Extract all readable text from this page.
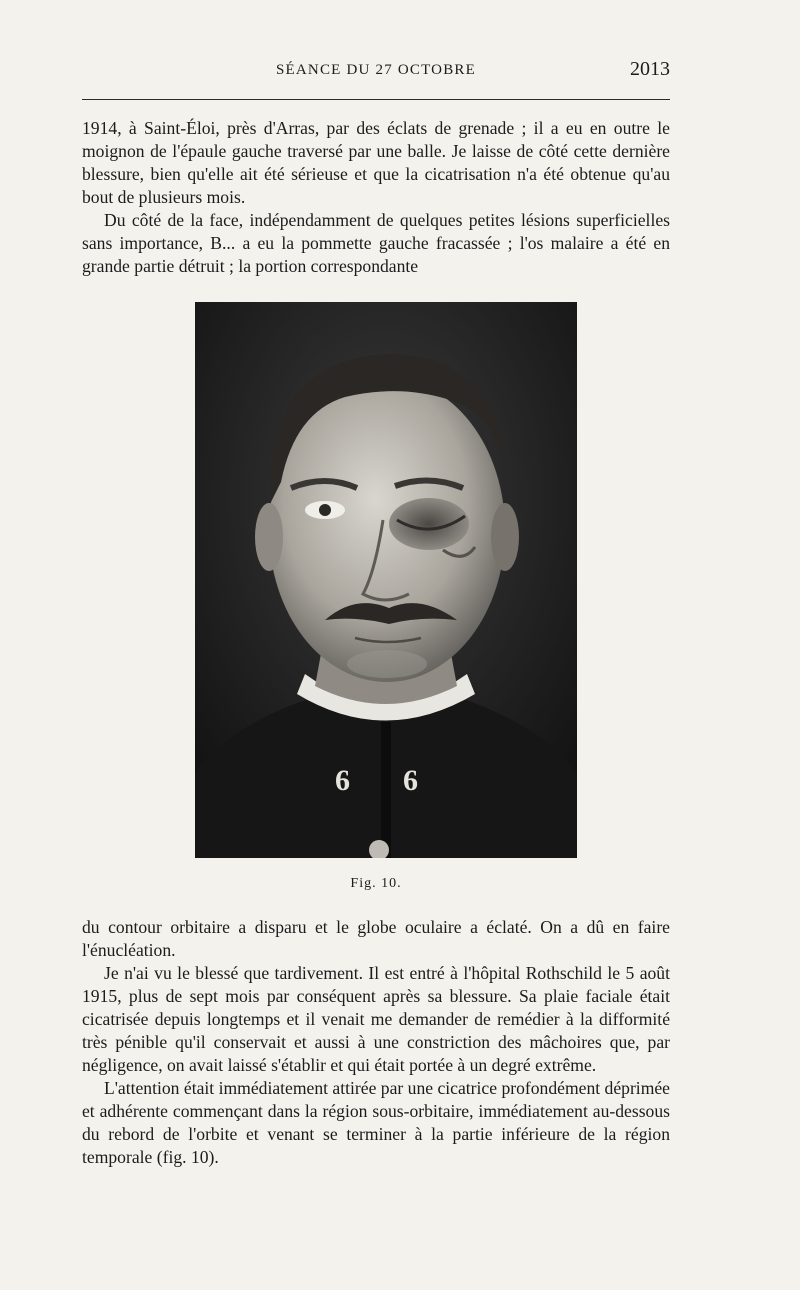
SÉANCE DU 27 OCTOBRE	2013

1914, à Saint-Éloi, près d'Arras, par des éclats de grenade ; il a eu en outre le moignon de l'épaule gauche traversé par une balle. Je laisse de côté cette dernière blessure, bien qu'elle ait été sérieuse et que la cicatrisation n'a été obtenue qu'au bout de plusieurs mois.

Du côté de la face, indépendamment de quelques petites lésions superficielles sans importance, B... a eu la pommette gauche fracassée ; l'os malaire a été en grande partie détruit ; la portion correspondante

6 6
Fig. 10.

du contour orbitaire a disparu et le globe oculaire a éclaté. On a dû en faire l'énucléation.

Je n'ai vu le blessé que tardivement. Il est entré à l'hôpital Rothschild le 5 août 1915, plus de sept mois par conséquent après sa blessure. Sa plaie faciale était cicatrisée depuis longtemps et il venait me demander de remédier à la difformité très pénible qu'il conservait et aussi à une constriction des mâchoires que, par négligence, on avait laissé s'établir et qui était portée à un degré extrême.

L'attention était immédiatement attirée par une cicatrice profondément déprimée et adhérente commençant dans la région sous-orbitaire, immédiatement au-dessous du rebord de l'orbite et venant se terminer à la partie inférieure de la région temporale (fig. 10).
